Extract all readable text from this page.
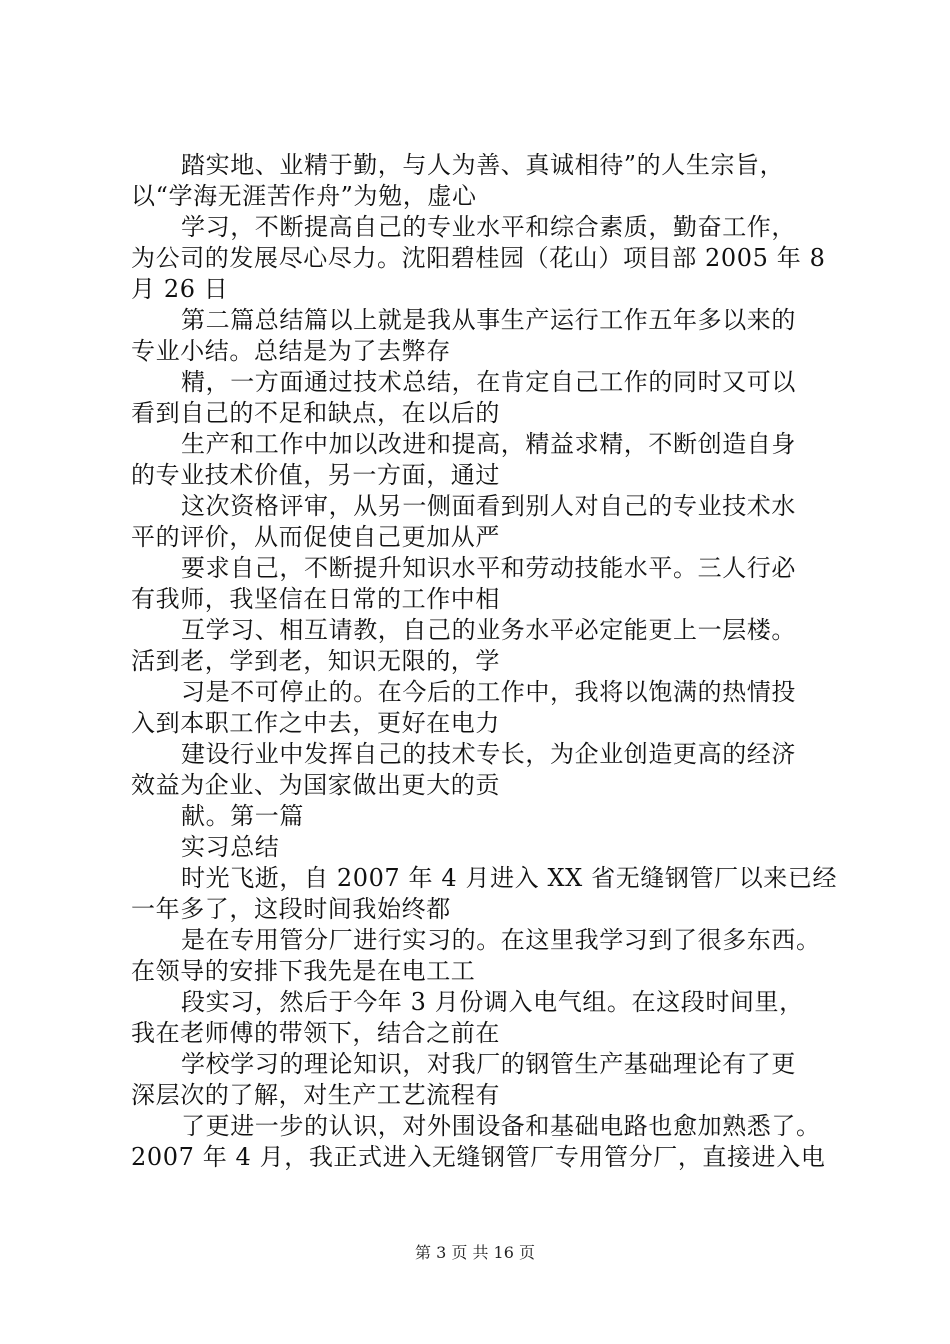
踏实地、业精于勤，与人为善、真诚相待”的人生宗旨，
以“学海无涯苦作舟”为勉，虚心
学习，不断提高自己的专业水平和综合素质，勤奋工作，
为公司的发展尽心尽力。沈阳碧桂园（花山）项目部 2005 年 8
月 26 日
第二篇总结篇以上就是我从事生产运行工作五年多以来的
专业小结。总结是为了去弊存
精，一方面通过技术总结，在肯定自己工作的同时又可以
看到自己的不足和缺点，在以后的
生产和工作中加以改进和提高，精益求精，不断创造自身
的专业技术价值，另一方面，通过
这次资格评审，从另一侧面看到别人对自己的专业技术水
平的评价，从而促使自己更加从严
要求自己，不断提升知识水平和劳动技能水平。三人行必
有我师，我坚信在日常的工作中相
互学习、相互请教，自己的业务水平必定能更上一层楼。
活到老，学到老，知识无限的，学
习是不可停止的。在今后的工作中，我将以饱满的热情投
入到本职工作之中去，更好在电力
建设行业中发挥自己的技术专长，为企业创造更高的经济
效益为企业、为国家做出更大的贡
献。第一篇
实习总结
时光飞逝，自 2007 年 4 月进入 XX 省无缝钢管厂以来已经
一年多了，这段时间我始终都
是在专用管分厂进行实习的。在这里我学习到了很多东西。
在领导的安排下我先是在电工工
段实习，然后于今年 3 月份调入电气组。在这段时间里，
我在老师傅的带领下，结合之前在
学校学习的理论知识，对我厂的钢管生产基础理论有了更
深层次的了解，对生产工艺流程有
了更进一步的认识，对外围设备和基础电路也愈加熟悉了。
2007 年 4 月，我正式进入无缝钢管厂专用管分厂，直接进入电
第 3 页 共 16 页
